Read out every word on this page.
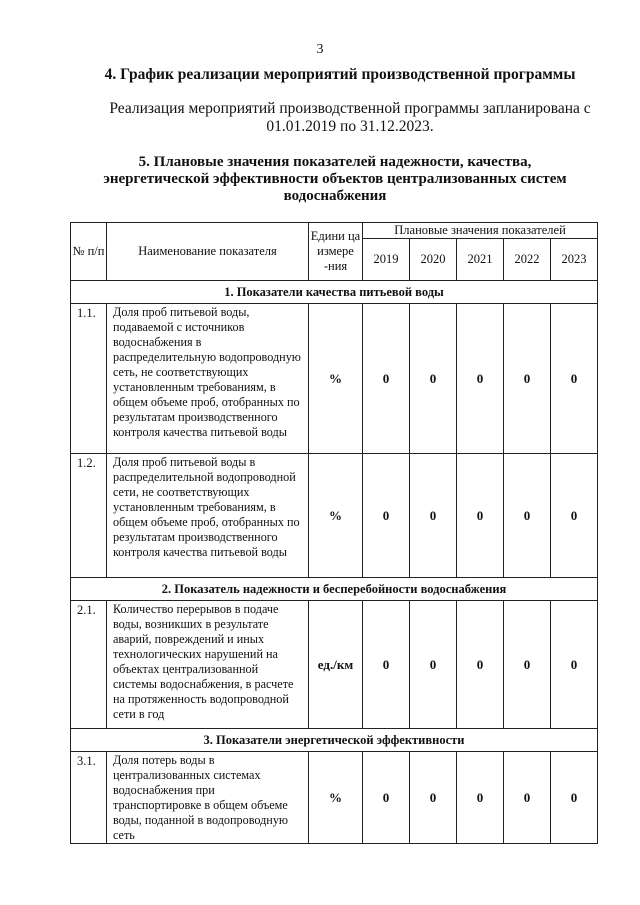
3
4. График реализации мероприятий производственной программы
Реализация мероприятий производственной программы запланирована с 01.01.2019 по 31.12.2023.
5. Плановые значения показателей надежности, качества, энергетической эффективности объектов централизованных систем водоснабжения
№ п/п	Наименование показателя	Едини ца измере -ния	Плановые значения показателей				
			2019	2020	2021	2022	2023
1. Показатели качества питьевой воды							
1.1.	Доля проб питьевой воды, подаваемой с источников водоснабжения в распределительную водопроводную сеть, не соответствующих установленным требованиям, в общем объеме проб, отобранных по результатам производственного контроля качества питьевой воды	%	0	0	0	0	0
1.2.	Доля проб питьевой воды в распределительной водопроводной сети, не соответствующих установленным требованиям, в общем объеме проб, отобранных по результатам производственного контроля качества питьевой воды	%	0	0	0	0	0
2. Показатель надежности и бесперебойности водоснабжения							
2.1.	Количество перерывов в подаче воды, возникших в результате аварий, повреждений и иных технологических нарушений на объектах централизованной системы водоснабжения, в расчете на протяженность водопроводной сети в год	ед./км	0	0	0	0	0
3. Показатели энергетической эффективности							
3.1.	Доля потерь воды в централизованных системах водоснабжения при транспортировке в общем объеме воды, поданной в водопроводную сеть	%	0	0	0	0	0
